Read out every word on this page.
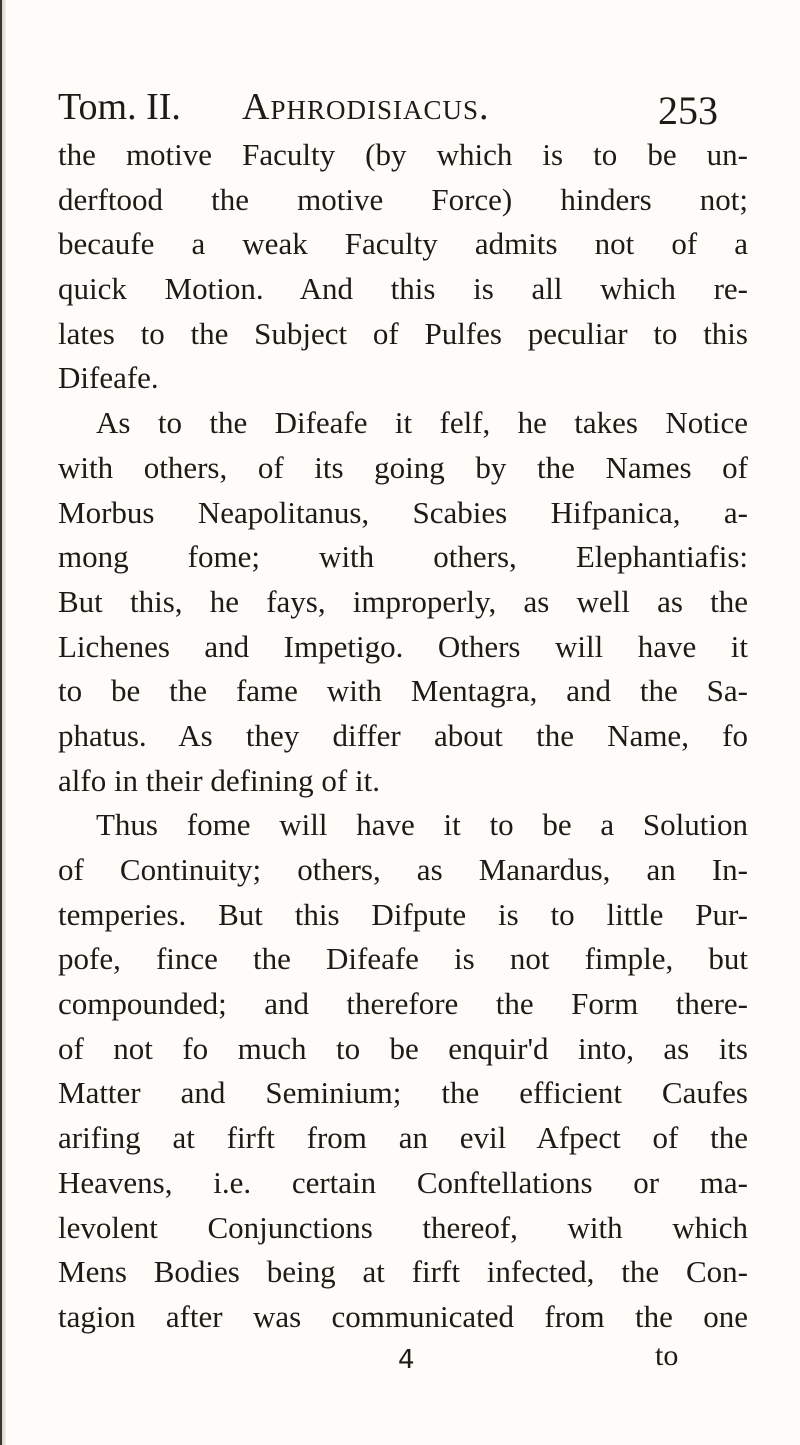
Tom. II. Aphrodisiacus.	253
the motive Faculty (by which is to be un-
derftood the motive Force) hinders not;
becaufe a weak Faculty admits not of a
quick Motion. And this is all which re-
lates to the Subject of Pulfes peculiar to this
Difeafe.
As to the Difeafe it felf, he takes Notice
with others, of its going by the Names of
Morbus Neapolitanus, Scabies Hifpanica, a-
mong fome; with others, Elephantiafis:
But this, he fays, improperly, as well as the
Lichenes and Impetigo. Others will have it
to be the fame with Mentagra, and the Sa-
phatus. As they differ about the Name, fo
alfo in their defining of it.
Thus fome will have it to be a Solution
of Continuity; others, as Manardus, an In-
temperies. But this Difpute is to little Pur-
pofe, fince the Difeafe is not fimple, but
compounded; and therefore the Form there-
of not fo much to be enquir'd into, as its
Matter and Seminium; the efficient Caufes
arifing at firft from an evil Afpect of the
Heavens, i.e. certain Conftellations or ma-
levolent Conjunctions thereof, with which
Mens Bodies being at firft infected, the Con-
tagion after was communicated from the one
4	to
